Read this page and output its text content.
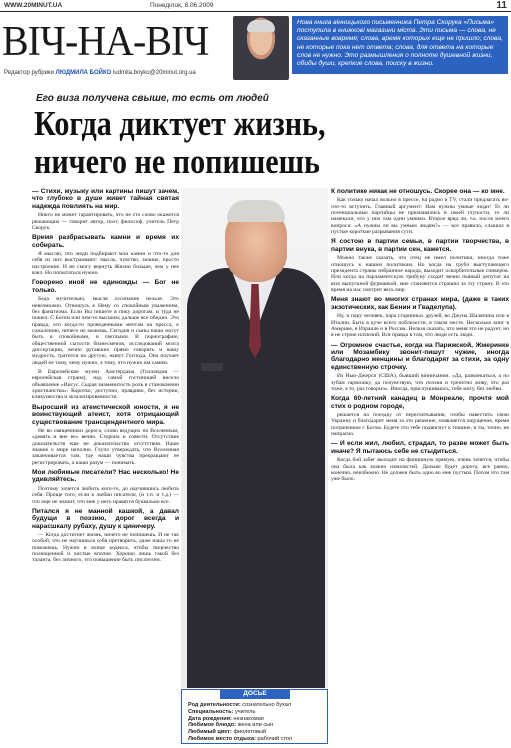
WWW.20MINUT.UA	Понеділок, 8.06.2009	11
ВІЧ-НА-ВІЧ
Редактор рубрики ЛЮДМИЛА БОЙКО ludmila.boyko@20minut.org.ua
Нова книга вінницького письменника Петра Скорука «Письма» поступила в книжкові магазини міста. Эти письма — слова, не сказанные вовремя; слова, время которых еще не пришло; слова, не которые пока нет ответа; слова, для ответа на которые слов не нужно. Это размышления о полноте душевной жизни, обиды души, крепкие слова, поиску в жизни.
Его виза получена свыше, то есть от людей
Когда диктует жизнь,
ничего не попишешь
— Стихи, музыку или картины пишут зачем, что глубоко в душе живет тайная святая надежда повлиять на мир.

Никто не может гарантировать, что не сто слово окажется решающим — говорит автор, поэт, философ, учитель Петр Скорук.

Время разбрасывать камни и время их собирать.

Я мыслю, что люди подбирают мои камни и что-то для себя из них выстраивают: мысль, чувство, знание, просто настроение. И не смогу вернуть Жизни больше, чем у нее взял. Но попытаться нужно.

Говорено иной не единожды — Бог не только.

Беда мучительно, мысля осознание нельзя. Это невозможно. Отношусь к Нему со спокойным уважением, без фанатизма. Если Вы пишете в пику дорогам, и туда не пошел. С Богом или чем-то высшим; дальше все обидно. Это правда, что когда-то проведенными мечтам на пресса, к сожалению, ничего не можешь. Сегодня и сыны наши могут быть и спокойными, и светлыми. В порнографию, общественной сытости бизнесменов, исследований мозга диссертации, вечно ругавших прямо говорить и вашу мудрость, тратится на другую, живут Господа. Она поучает людей не тому, чему нужно, а тому, что нужно им самим.

В Европейские музеи Амстердама (Голландия — европейская страна), над самой гостиницей висело объявление «Иисус. Сырая знаменитость роль в становлении христианства». Коротко, доступно, правдиво, без истерии, кликушества и экзальтированности.

Выросший из атеистической юности, я не воинствующий атеист, хотя отрицающий существование трансцендентного мира.

Не во священники дорога, слово ведущих по Вселенным, «девять и вне ее» вечно. Сторона и совести. Отсутствие доказательств еще не доказательство отсутствия. Наше знание о мире неполно. Глупо утверждать, что Вселенная заканчивается там, где наши чувства прекращают ее регистрировать, а наши разум — понимать.

Мои любимые писатели? Нас несколько! Не удивляйтесь.

Поэтому хочется любить кого-то, до научившись любить себя. Проще того, если к любви писатели, (и т.п. и т.д.) — что еще не значит, что мне у него нравятся буквально все.

Питался я не манной кашкой, а давал будущи в поэзию, дорог всегда и нарасшкалу рубаху, душу к циничеру.

— Когда достигнет жизнь, ничего не попишешь. И не так особой, что не научишься себя претворить, даже наша то не поможешь. Нужно в конце кодекса, чтобы творчество полноценной и чистые вполне. Хорошо лишь такой без таланта, без личного, это повышение быть писателем.

ДОСЬЕ
Род деятельности: сознательно бухал
Специальность: учитель
Дата рождения: незнакомая
Любимое блюдо: жена или сын
Любимый цвет: фиолетовый
Любимое место отдыха: рабочий стол
К политике никак не отношусь. Скорее она — ко мне.

Как только начал вольно в прессе, на радио и TV, стали предлагать во-что-то вступить. Главный аргумент: Нам нужны умные люди! То ли потенциальные партийцы не признавались в своей глупости, то ли намекали, что у них там одни умники. Второе вряд ли, т.к. после моего вопроса: «А нужны ли вы умным людям?» — все правило, слышал в пустые короткие разрывания сути.

Я состою в партии семьи, в партии творчества, в партии внука, в партии сен, кажется.

Можно также сказать, что отец не имел политики, иногда тоже отношусь к нашим политикам. Но когда на грубо выступающего президента страны избранное народа, выходит оскорбительные спикеров. Или когда на парламентскую трибуну сходит вечно пьяный депутат на всю выпускной фурманкой, мне становится страшно за эту страну. В это время на нас смотрит весь мир.

Меня знают во многих странах мира, (даже в таких экзотических, как Бенин и Гваделупа).

Ну, и пару человек, пара старинных друзей, во Джуна Шаляпина или в Италии. Быть в куче всего поблизости, в таком месте. Несколько книг в Америке, в Израиле и в России. Нельзя сказать, что меня это не радует, но я не строю иллюзий. Вся правда в том, что люди есть люди.

— Огромное счастье, когда на Парижской, Жмеринке или Мозамбику звонит-пишут чужие, иногда благодарно женщины и благодарят за стихи, за одну единственную строчку.

Из Нью-Джерси (США), бывший вінничанин. «Да, развлекаться, а по зубам гармошку, да почувствую, что поэзия и трепетно живу, что раз тоже, а то, раз говорил». Иногда, прислушиваюсь, тебя могу, без любви.

Когда 60-летний канадец в Монреале, прочтя мой стих о родном городе,

решается на поездку от пересчитывания, чтобы навестить свою Украину и благодарит меня за это решение, появляется ощущение, время потраченное с Богом. Будете что тебе подвигнут к тишине, и ты, точно, не напрасно.

— И если жил, любил, страдал, то разве может быть иначе? Я пытаюсь себе не стыдиться.

Когда бой забег выходит на финишную прямую, очень хочется, чтобы она была как можно извилистей. Дальше будет дорога, все равно, конечно, неизбежно. Не должен быть одно во мне пустым. Потом что там уже было.
